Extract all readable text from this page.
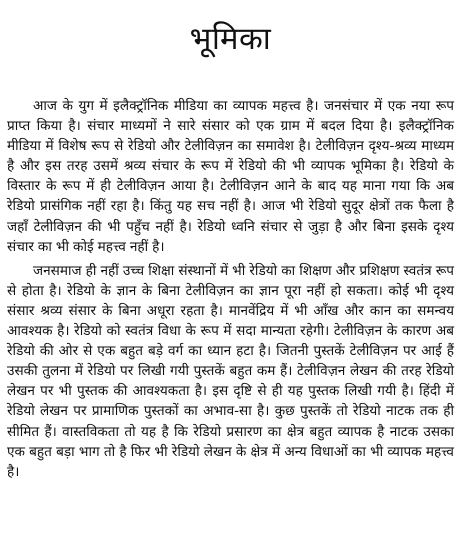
भूमिका

आज के युग में इलैक्ट्रॉनिक मीडिया का व्यापक महत्त्व है। जनसंचार में एक नया रूप प्राप्त किया है। संचार माध्यमों ने सारे संसार को एक ग्राम में बदल दिया है। इलैक्ट्रॉनिक मीडिया में विशेष रूप से रेडियो और टेलीविज़न का समावेश है। टेलीविज़न दृश्य-श्रव्य माध्यम है और इस तरह उसमें श्रव्य संचार के रूप में रेडियो की भी व्यापक भूमिका है। रेडियो के विस्तार के रूप में ही टेलीविज़न आया है। टेलीविज़न आने के बाद यह माना गया कि अब रेडियो प्रासंगिक नहीं रहा है। किंतु यह सच नहीं है। आज भी रेडियो सुदूर क्षेत्रों तक फैला है जहाँ टेलीविज़न की भी पहुँच नहीं है। रेडियो ध्वनि संचार से जुड़ा है और बिना इसके दृश्य संचार का भी कोई महत्त्व नहीं है।

जनसमाज ही नहीं उच्च शिक्षा संस्थानों में भी रेडियो का शिक्षण और प्रशिक्षण स्वतंत्र रूप से होता है। रेडियो के ज्ञान के बिना टेलीविज़न का ज्ञान पूरा नहीं हो सकता। कोई भी दृश्य संसार श्रव्य संसार के बिना अधूरा रहता है। मानवेंद्रिय में भी आँख और कान का समन्वय आवश्यक है। रेडियो को स्वतंत्र विधा के रूप में सदा मान्यता रहेगी। टेलीविज़न के कारण अब रेडियो की ओर से एक बहुत बड़े वर्ग का ध्यान हटा है। जितनी पुस्तकें टेलीविज़न पर आई हैं उसकी तुलना में रेडियो पर लिखी गयी पुस्तकें बहुत कम हैं। टेलीविज़न लेखन की तरह रेडियो लेखन पर भी पुस्तक की आवश्यकता है। इस दृष्टि से ही यह पुस्तक लिखी गयी है। हिंदी में रेडियो लेखन पर प्रामाणिक पुस्तकों का अभाव-सा है। कुछ पुस्तकें तो रेडियो नाटक तक ही सीमित हैं। वास्तविकता तो यह है कि रेडियो प्रसारण का क्षेत्र बहुत व्यापक है नाटक उसका एक बहुत बड़ा भाग तो है फिर भी रेडियो लेखन के क्षेत्र में अन्य विधाओं का भी व्यापक महत्त्व है।
